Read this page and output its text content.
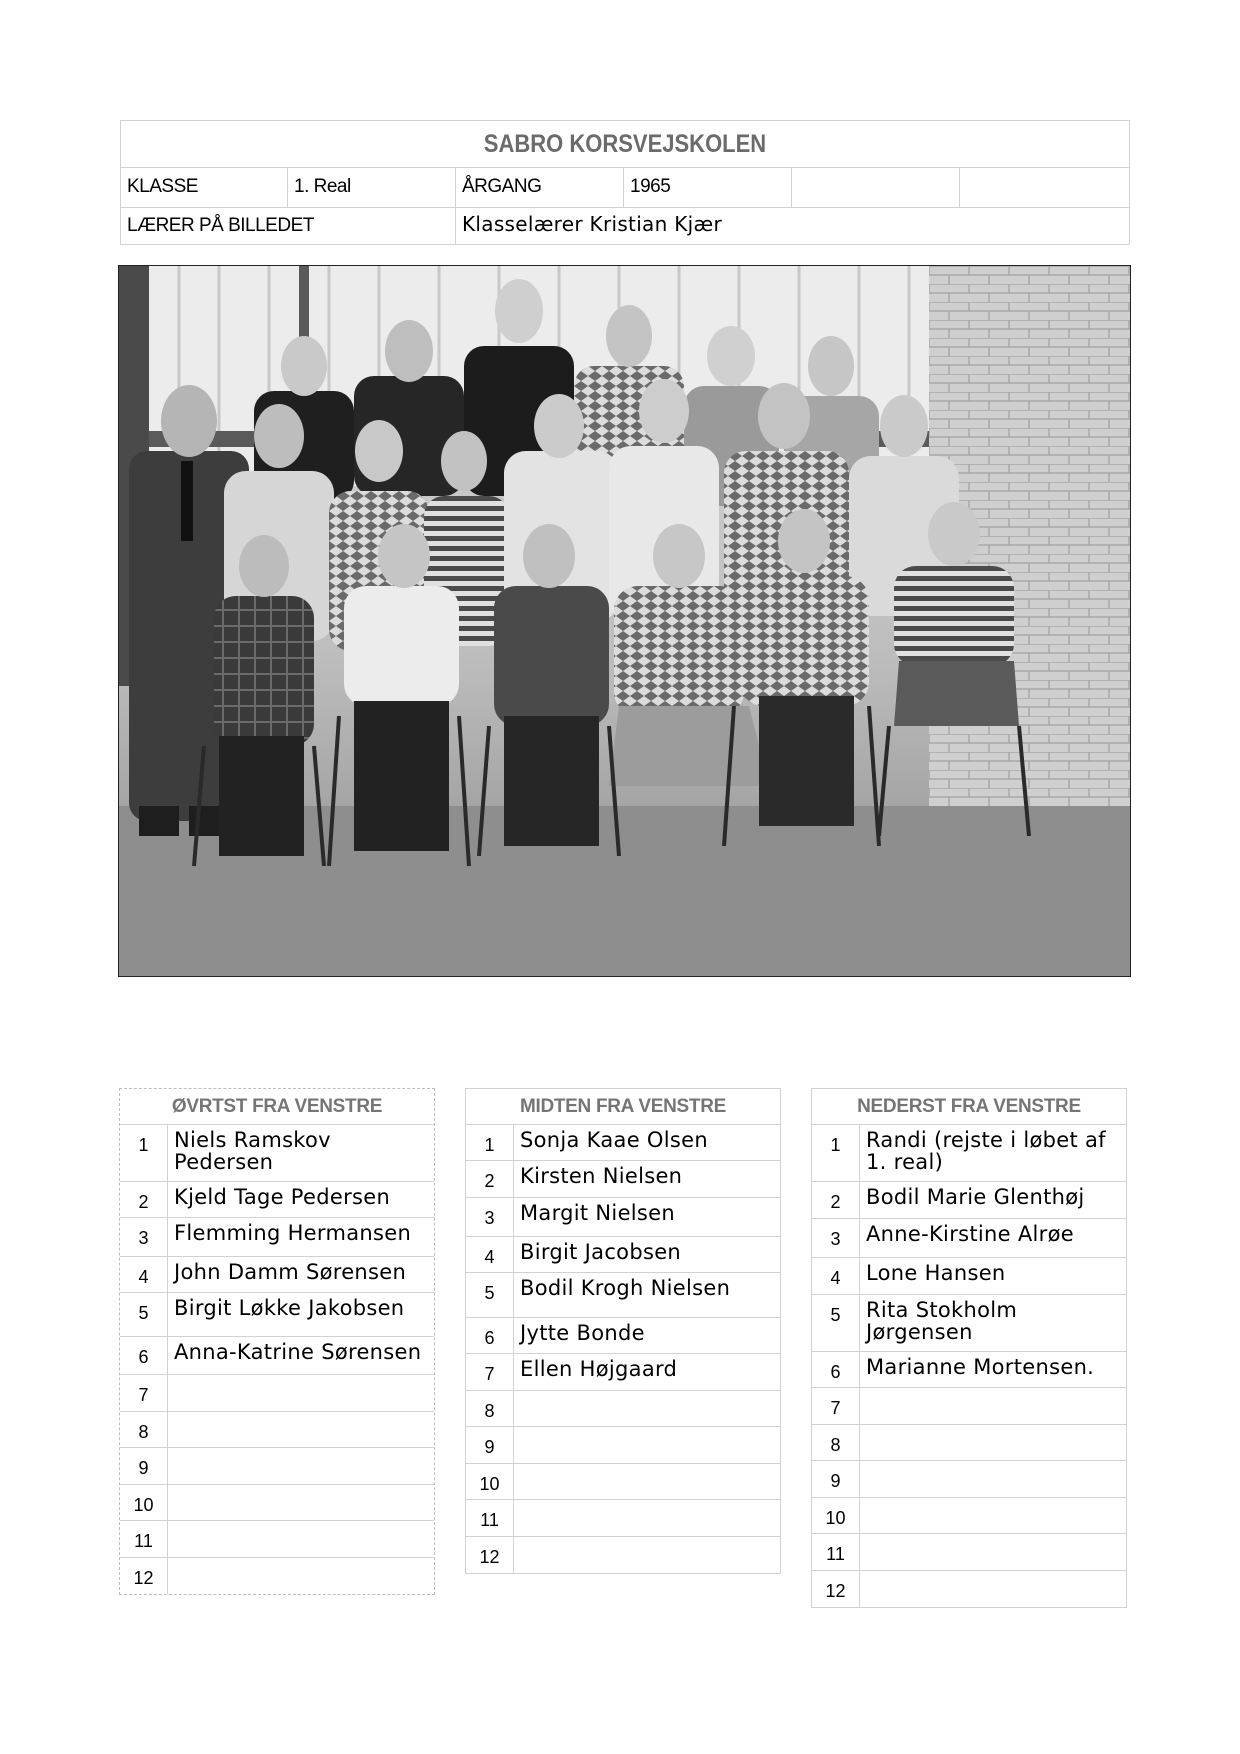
SABRO KORSVEJSKOLEN
KLASSE	1. Real	ÅRGANG	1965
LÆRER PÅ BILLEDET	Klasselærer Kristian Kjær
ØVRTST FRA VENSTRE
1	Niels Ramskov Pedersen
2	Kjeld Tage Pedersen
3	Flemming Hermansen
4	John Damm Sørensen
5	Birgit Løkke Jakobsen
6	Anna-Katrine Sørensen
7
8
9
10
11
12
MIDTEN FRA VENSTRE
1	Sonja Kaae Olsen
2	Kirsten Nielsen
3	Margit Nielsen
4	Birgit Jacobsen
5	Bodil Krogh Nielsen
6	Jytte Bonde
7	Ellen Højgaard
8
9
10
11
12
NEDERST FRA VENSTRE
1	Randi (rejste i løbet af 1. real)
2	Bodil Marie Glenthøj
3	Anne-Kirstine Alrøe
4	Lone Hansen
5	Rita Stokholm Jørgensen
6	Marianne Mortensen.
7
8
9
10
11
12
